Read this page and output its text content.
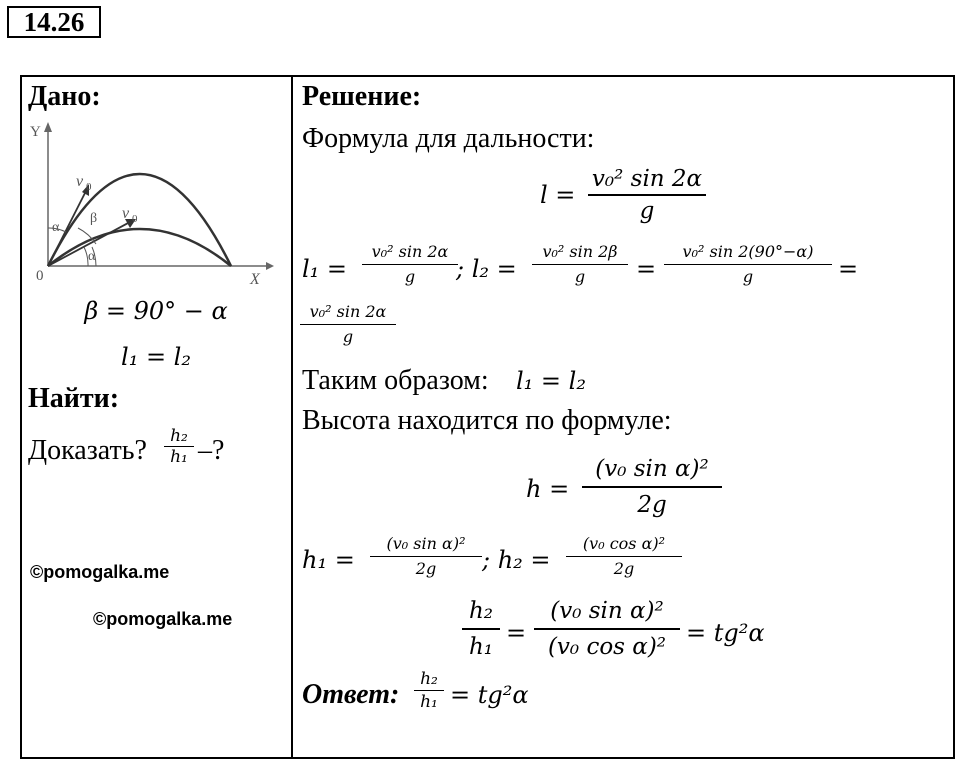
14.26
Дано:
Y
X
0
v 0
v 0
α
β
α
β = 90° − α
l₁ = l₂
Найти:
Доказать?	h₂
h₁ –?
©pomogalka.me
©pomogalka.me
Решение:
Формула для дальности:
l =
v₀² sin 2α
g
l₁ =
v₀² sin 2α
g	; l₂ =
v₀² sin 2β
g	=
v₀² sin 2(90°−α)
g	=
v₀² sin 2α
g
Таким образом: l₁ = l₂
Высота находится по формуле:
h =
(v₀ sin α)²
2g
h₁ =
(v₀ sin α)²
2g	; h₂ =
(v₀ cos α)²
2g
h₂
h₁ =
(v₀ sin α)²
(v₀ cos α)² = tg²α
Ответ:	h₂
h₁ = tg²α
